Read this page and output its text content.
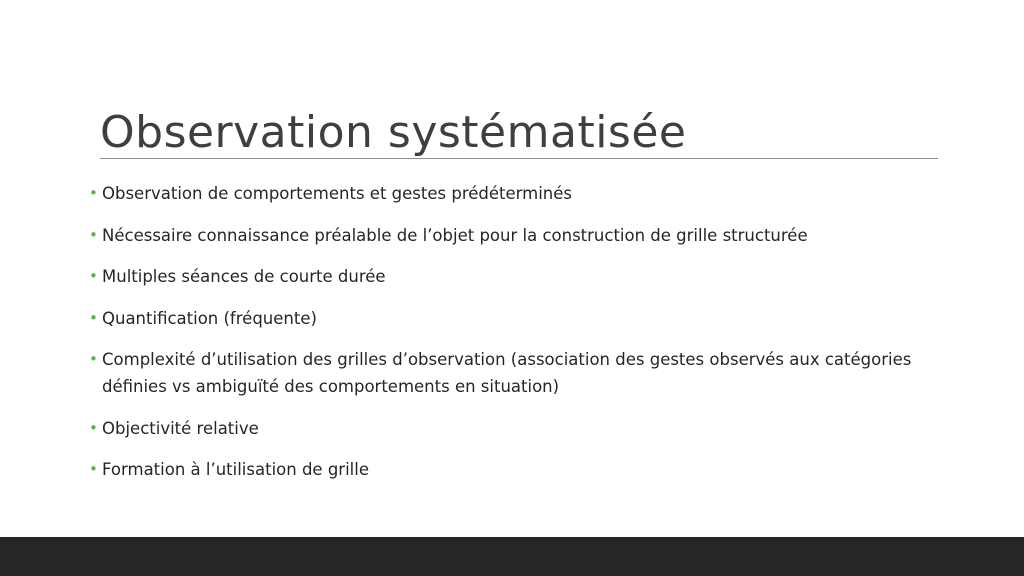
Observation systématisée
• Observation de comportements et gestes prédéterminés
• Nécessaire connaissance préalable de l’objet pour la construction de grille structurée
• Multiples séances de courte durée
• Quantification (fréquente)
• Complexité d’utilisation des grilles d’observation (association des gestes observés aux catégories définies vs ambiguïté des comportements en situation)
• Objectivité relative
• Formation à l’utilisation de grille
